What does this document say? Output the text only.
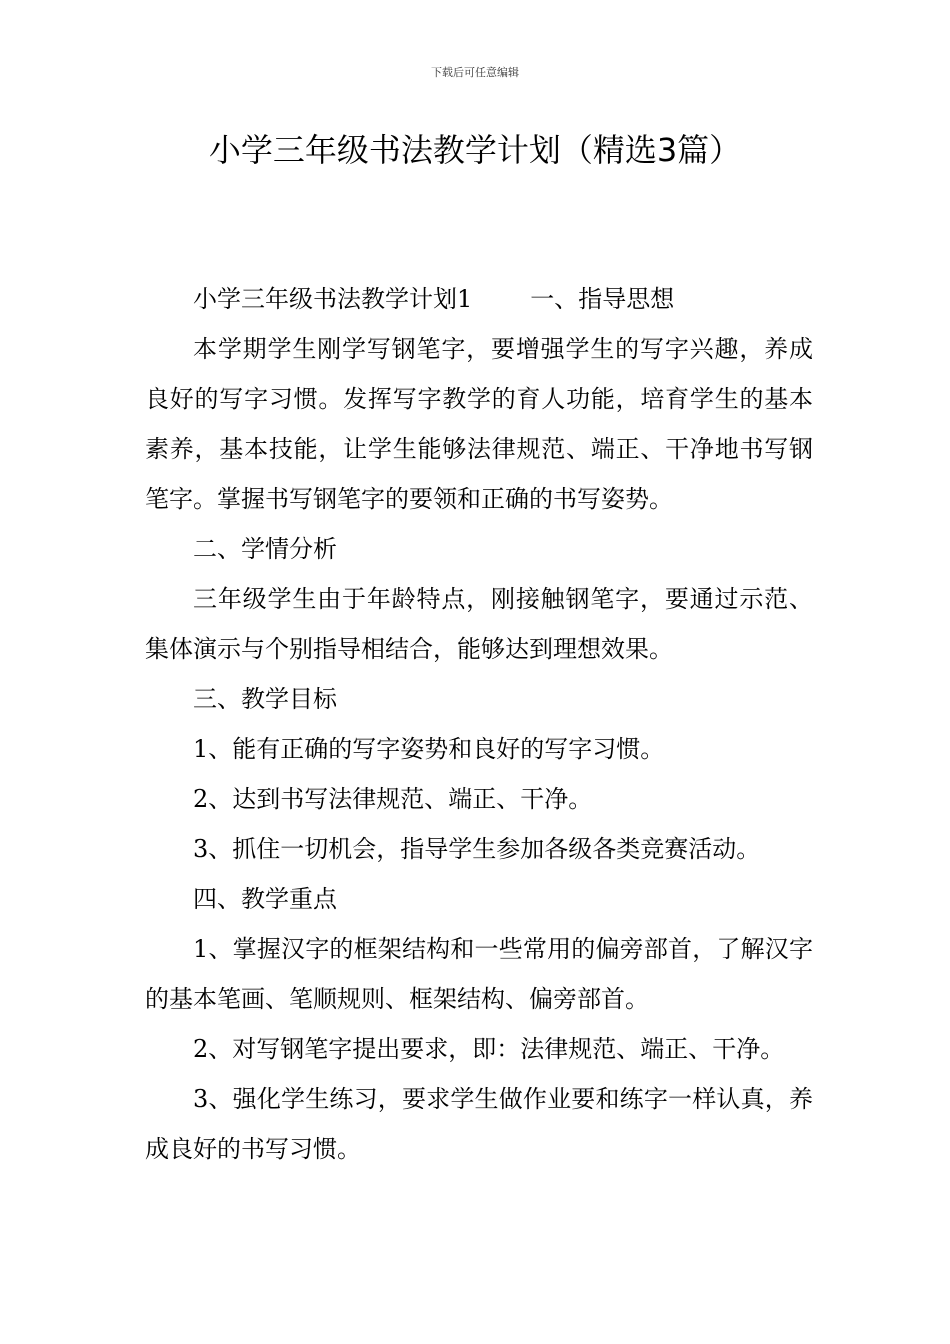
下载后可任意编辑
小学三年级书法教学计划（精选3篇）

小学三年级书法教学计划1 一、指导思想

本学期学生刚学写钢笔字，要增强学生的写字兴趣，养成良好的写字习惯。发挥写字教学的育人功能，培育学生的基本素养，基本技能，让学生能够法律规范、端正、干净地书写钢笔字。掌握书写钢笔字的要领和正确的书写姿势。

二、学情分析

三年级学生由于年龄特点，刚接触钢笔字，要通过示范、集体演示与个别指导相结合，能够达到理想效果。

三、教学目标

1、能有正确的写字姿势和良好的写字习惯。

2、达到书写法律规范、端正、干净。

3、抓住一切机会，指导学生参加各级各类竞赛活动。

四、教学重点

1、掌握汉字的框架结构和一些常用的偏旁部首，了解汉字的基本笔画、笔顺规则、框架结构、偏旁部首。

2、对写钢笔字提出要求，即：法律规范、端正、干净。

3、强化学生练习，要求学生做作业要和练字一样认真，养成良好的书写习惯。
